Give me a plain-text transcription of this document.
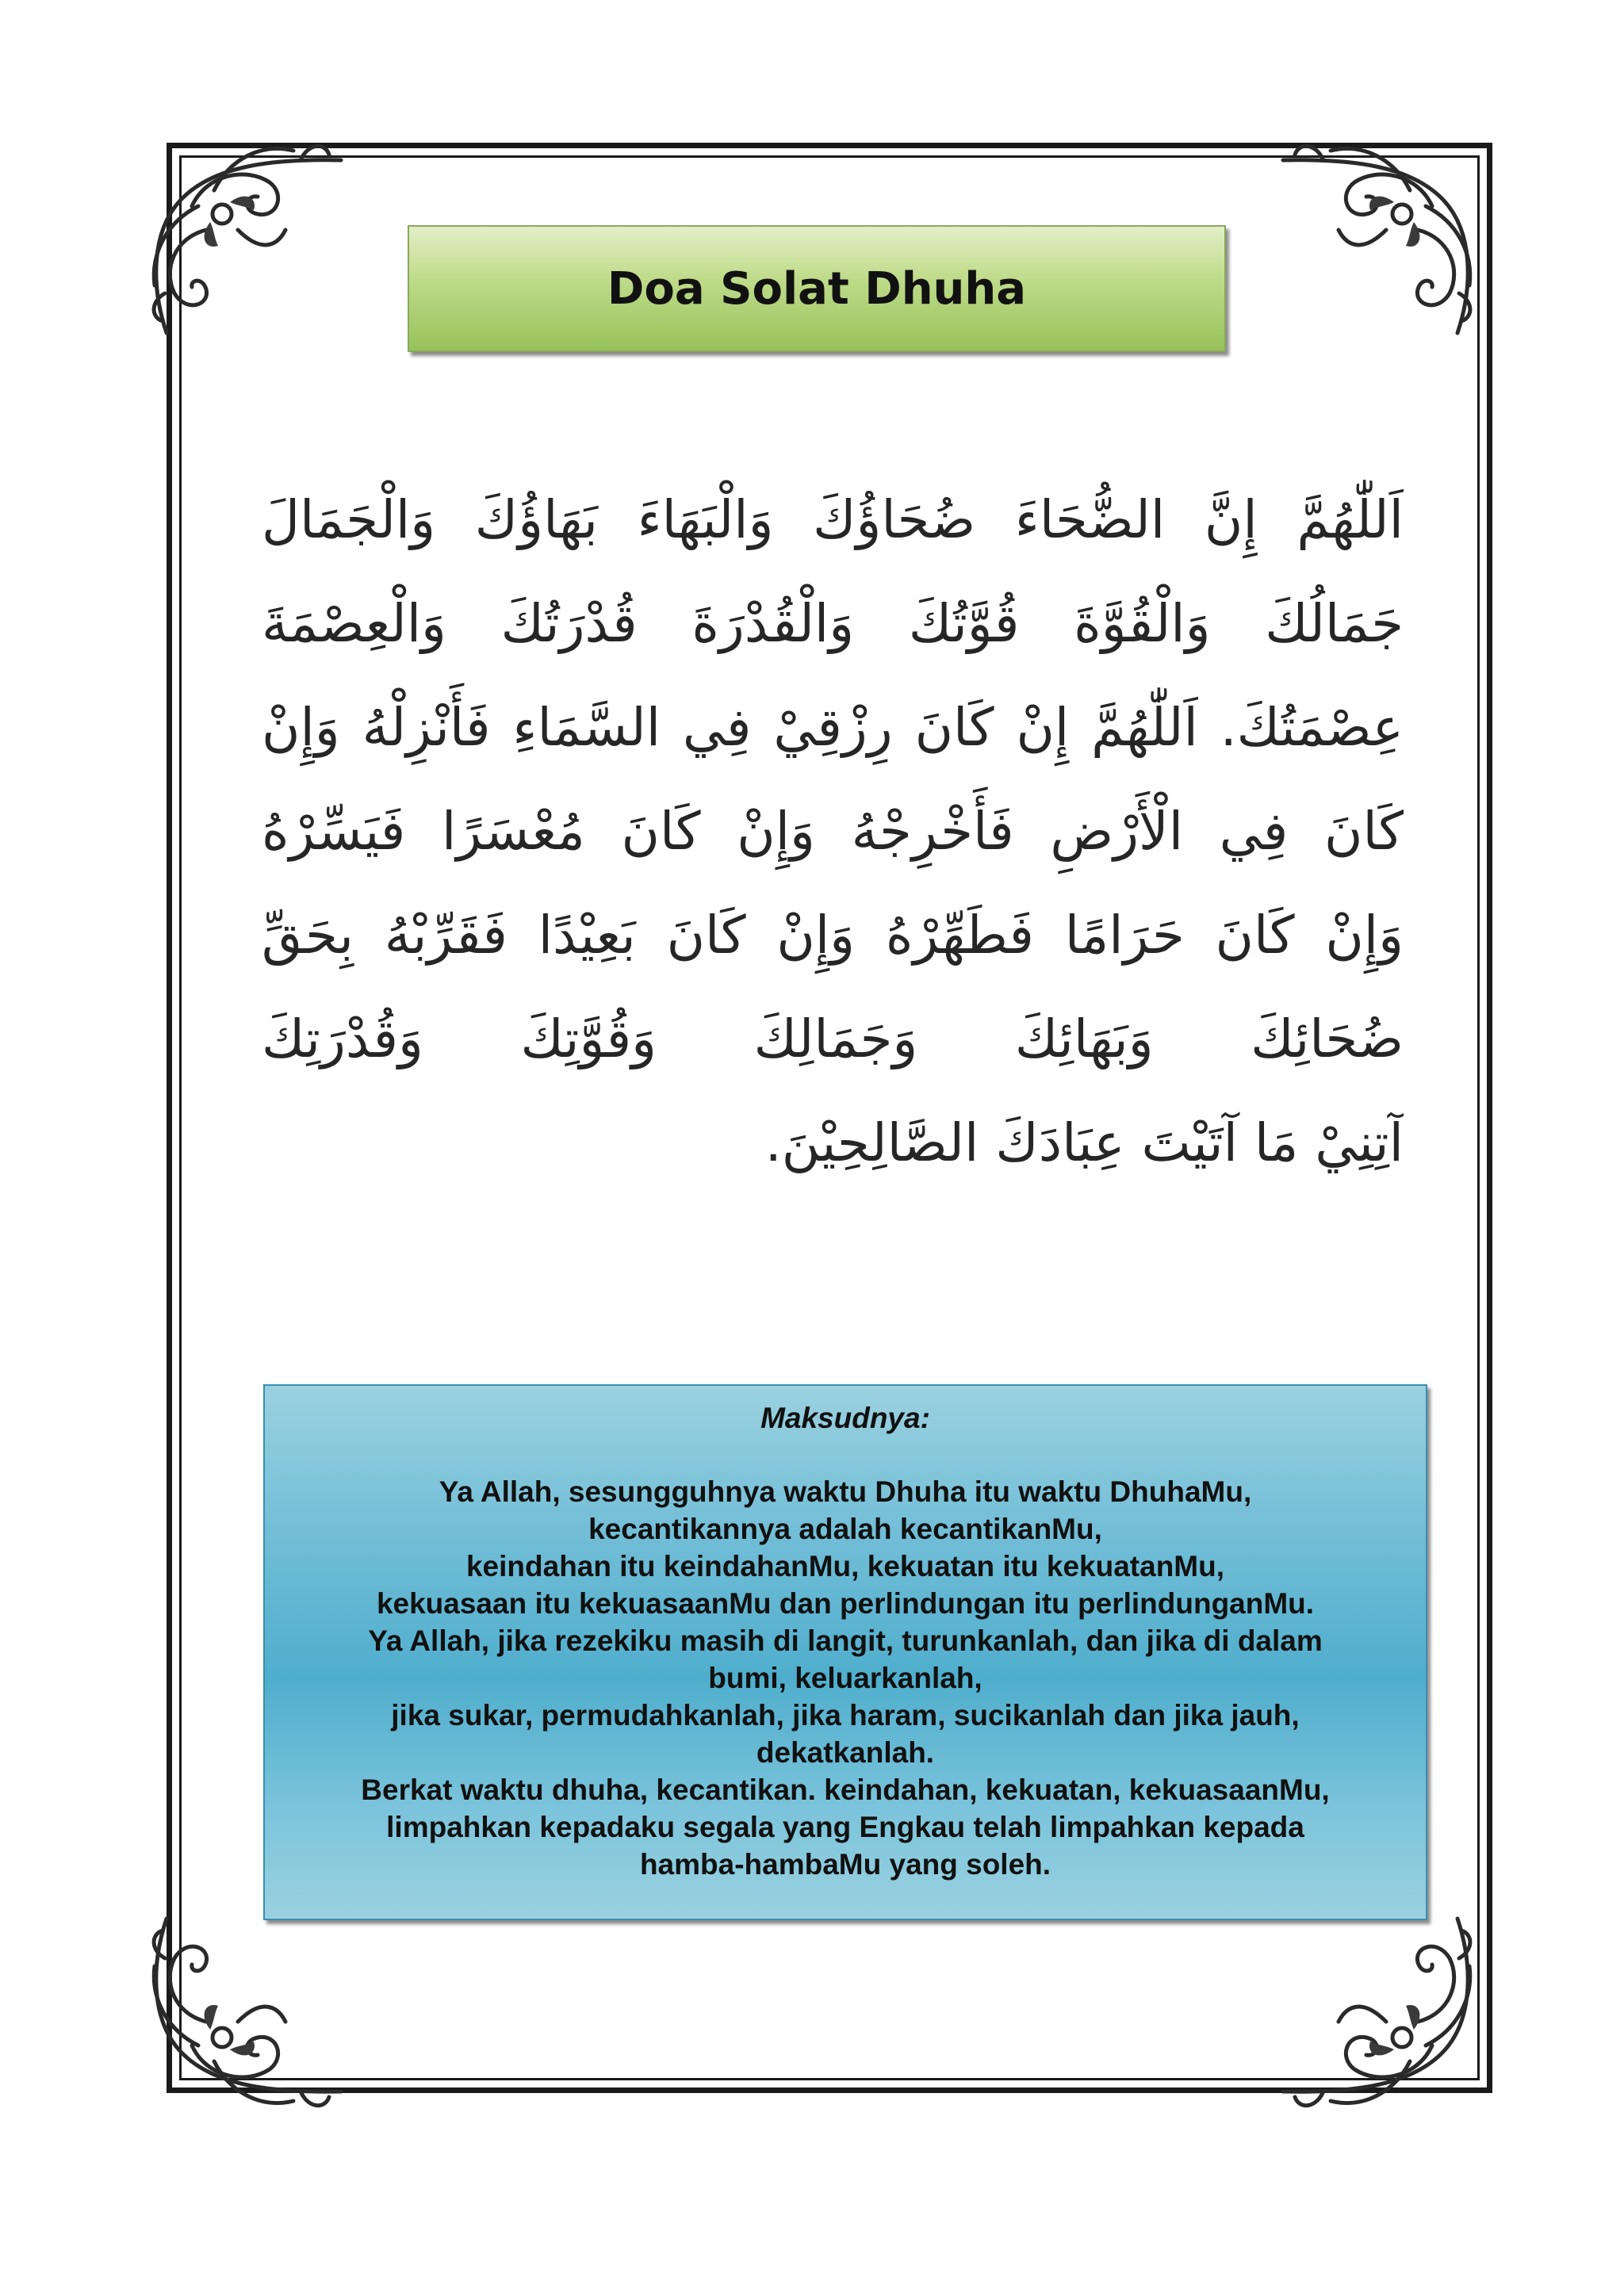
Doa Solat Dhuha
اَللّٰهُمَّ إِنَّ الضُّحَاءَ ضُحَاؤُكَ وَالْبَهَاءَ بَهَاؤُكَ وَالْجَمَالَ
جَمَالُكَ وَالْقُوَّةَ قُوَّتُكَ وَالْقُدْرَةَ قُدْرَتُكَ وَالْعِصْمَةَ
عِصْمَتُكَ. اَللّٰهُمَّ إِنْ كَانَ رِزْقِيْ فِي السَّمَاءِ فَأَنْزِلْهُ وَإِنْ
كَانَ فِي الْأَرْضِ فَأَخْرِجْهُ وَإِنْ كَانَ مُعْسَرًا فَيَسِّرْهُ
وَإِنْ كَانَ حَرَامًا فَطَهِّرْهُ وَإِنْ كَانَ بَعِيْدًا فَقَرِّبْهُ بِحَقِّ
ضُحَائِكَ وَبَهَائِكَ وَجَمَالِكَ وَقُوَّتِكَ وَقُدْرَتِكَ
آتِنِيْ مَا آتَيْتَ عِبَادَكَ الصَّالِحِيْنَ.
Maksudnya:
Ya Allah, sesungguhnya waktu Dhuha itu waktu DhuhaMu,
kecantikannya adalah kecantikanMu,
keindahan itu keindahanMu, kekuatan itu kekuatanMu,
kekuasaan itu kekuasaanMu dan perlindungan itu perlindunganMu.
Ya Allah, jika rezekiku masih di langit, turunkanlah, dan jika di dalam
bumi, keluarkanlah,
jika sukar, permudahkanlah, jika haram, sucikanlah dan jika jauh,
dekatkanlah.
Berkat waktu dhuha, kecantikan. keindahan, kekuatan, kekuasaanMu,
limpahkan kepadaku segala yang Engkau telah limpahkan kepada
hamba-hambaMu yang soleh.
